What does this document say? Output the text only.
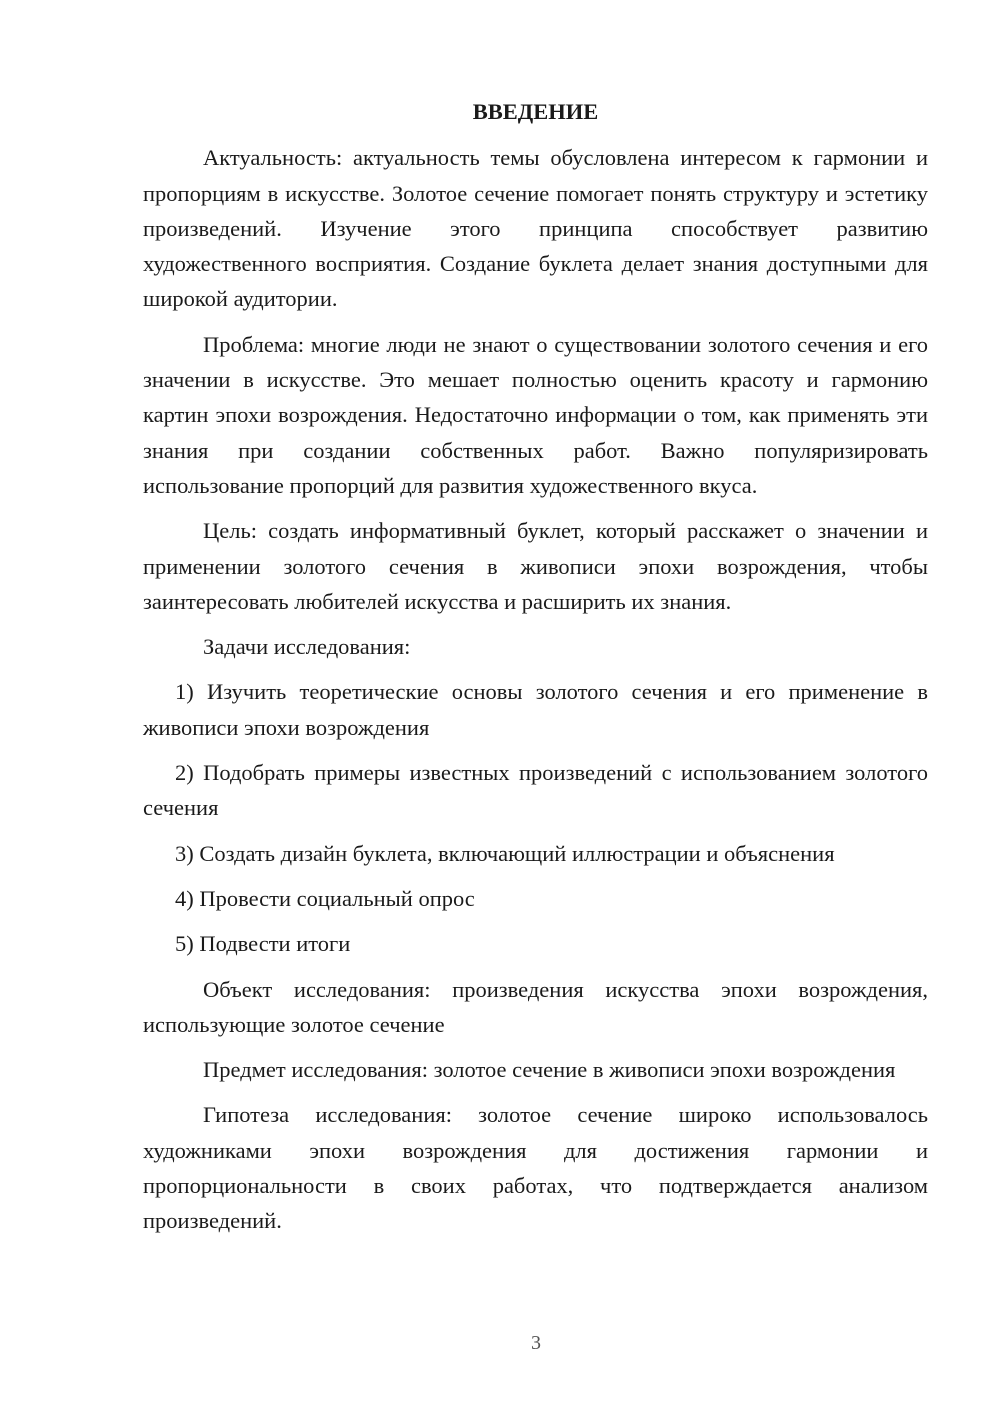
ВВЕДЕНИЕ

Актуальность: актуальность темы обусловлена интересом к гармонии и пропорциям в искусстве. Золотое сечение помогает понять структуру и эстетику произведений. Изучение этого принципа способствует развитию художественного восприятия. Создание буклета делает знания доступными для широкой аудитории.

Проблема: многие люди не знают о существовании золотого сечения и его значении в искусстве. Это мешает полностью оценить красоту и гармонию картин эпохи возрождения. Недостаточно информации о том, как применять эти знания при создании собственных работ. Важно популяризировать использование пропорций для развития художественного вкуса.

Цель: создать информативный буклет, который расскажет о значении и применении золотого сечения в живописи эпохи возрождения, чтобы заинтересовать любителей искусства и расширить их знания.

Задачи исследования:

1) Изучить теоретические основы золотого сечения и его применение в живописи эпохи возрождения

2) Подобрать примеры известных произведений с использованием золотого сечения

3) Создать дизайн буклета, включающий иллюстрации и объяснения

4) Провести социальный опрос

5) Подвести итоги

Объект исследования: произведения искусства эпохи возрождения, использующие золотое сечение

Предмет исследования: золотое сечение в живописи эпохи возрождения

Гипотеза исследования: золотое сечение широко использовалось художниками эпохи возрождения для достижения гармонии и пропорциональности в своих работах, что подтверждается анализом произведений.

3
